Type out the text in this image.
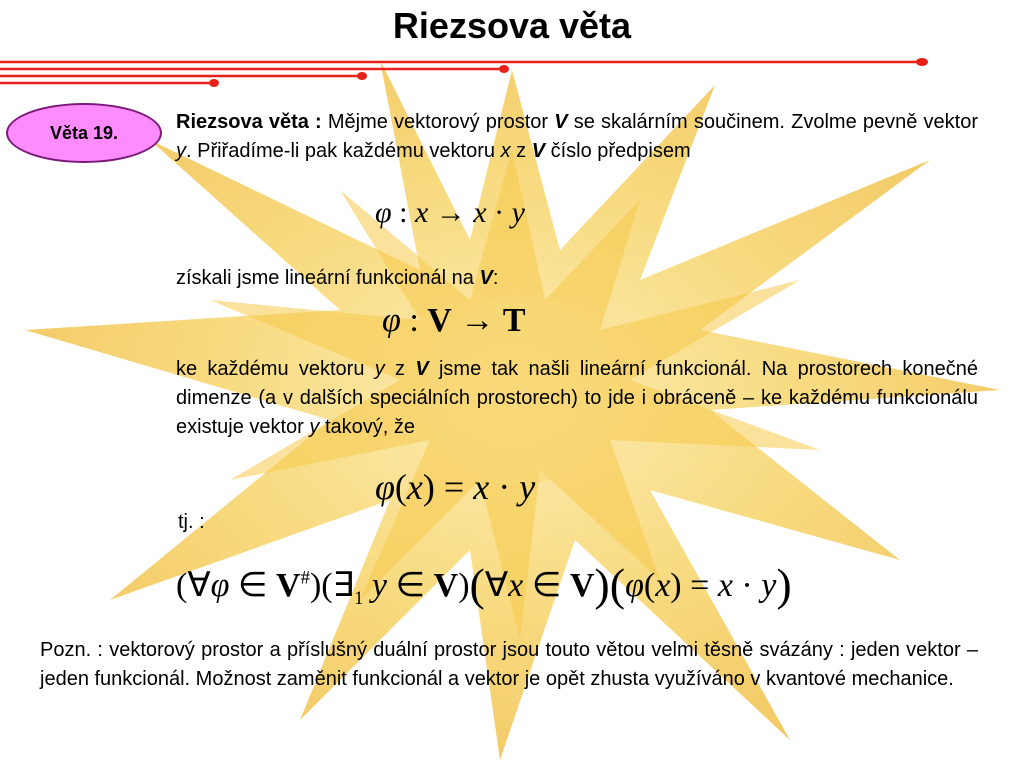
Riezsova věta
Věta 19.	Riezsova věta : Mějme vektorový prostor V se skalárním součinem. Zvolme pevně vektor y. Přiřadíme-li pak každému vektoru x z V číslo předpisem
φ : x → x · y
získali jsme lineární funkcionál na V:
φ : V → T
ke každému vektoru y z V jsme tak našli lineární funkcionál. Na prostorech konečné dimenze (a v dalších speciálních prostorech) to jde i obráceně – ke každému funkcionálu existuje vektor y takový, že
φ(x) = x · y
tj. :
(∀φ ∈ $V^{\#})(\exists_1$ y ∈ V)(∀x ∈ V)(φ(x) = x · y)
Pozn. : vektorový prostor a příslušný duální prostor jsou touto větou velmi těsně svázány : jeden vektor – jeden funkcionál. Možnost zaměnit funkcionál a vektor je opět zhusta využíváno v kvantové mechanice.
